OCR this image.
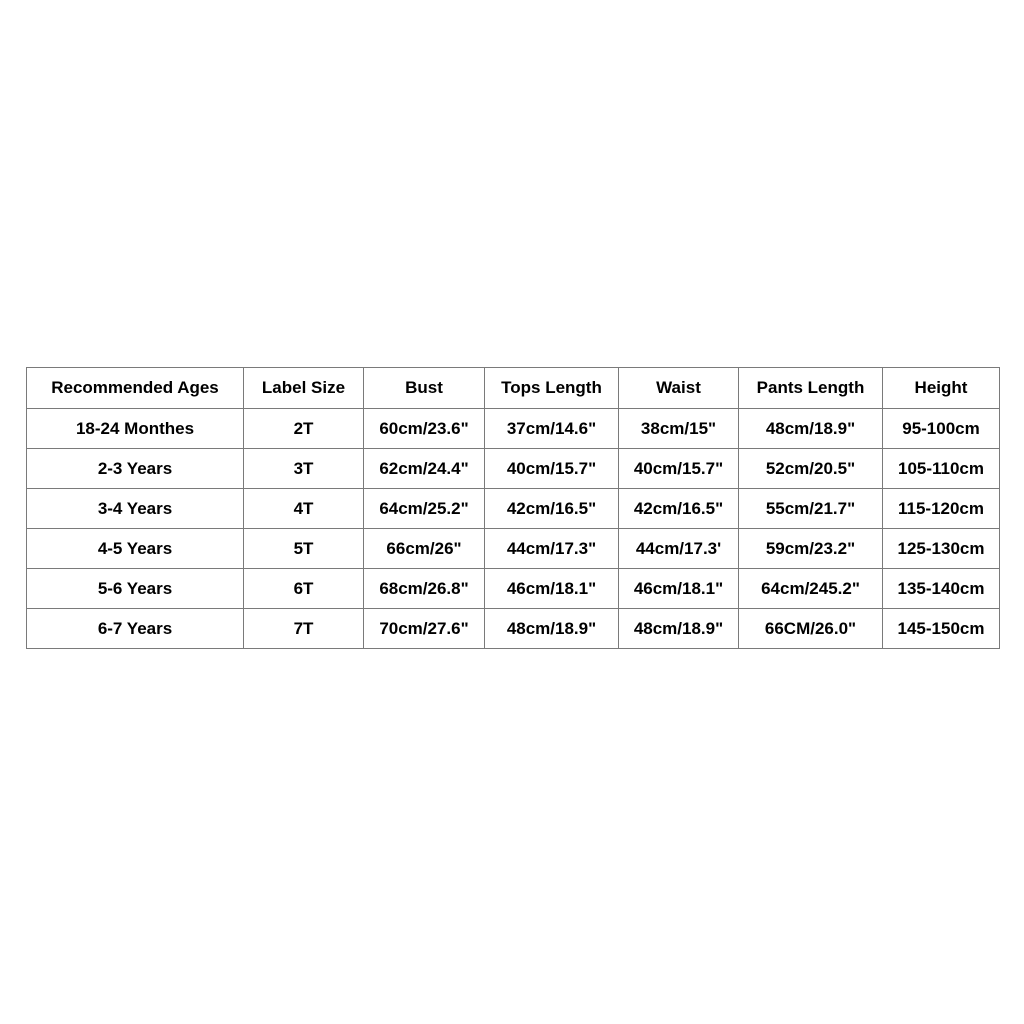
Recommended Ages	Label Size	Bust	Tops Length	Waist	Pants Length	Height
18-24 Monthes	2T	60cm/23.6"	37cm/14.6"	38cm/15"	48cm/18.9"	95-100cm
2-3 Years	3T	62cm/24.4"	40cm/15.7"	40cm/15.7"	52cm/20.5"	105-110cm
3-4 Years	4T	64cm/25.2"	42cm/16.5"	42cm/16.5"	55cm/21.7"	115-120cm
4-5 Years	5T	66cm/26"	44cm/17.3"	44cm/17.3'	59cm/23.2"	125-130cm
5-6 Years	6T	68cm/26.8"	46cm/18.1"	46cm/18.1"	64cm/245.2"	135-140cm
6-7 Years	7T	70cm/27.6"	48cm/18.9"	48cm/18.9"	66CM/26.0"	145-150cm
